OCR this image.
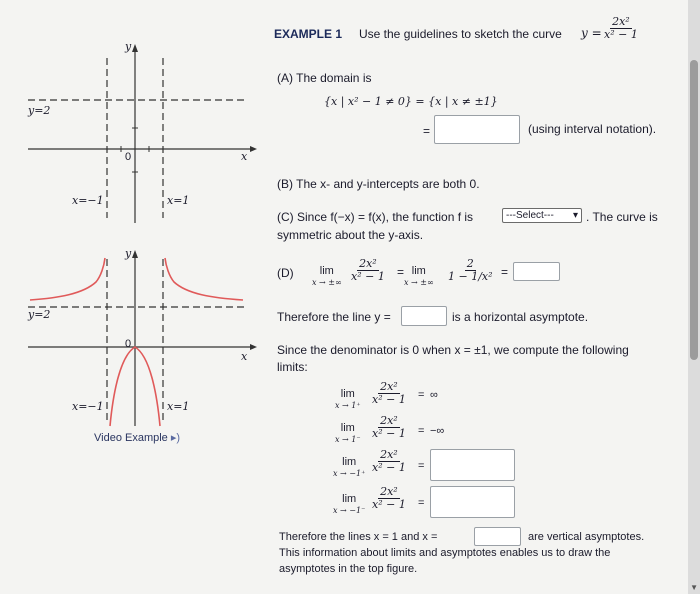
y
x
0
y=2
x=−1	x=1
y
x
0
y=2
x=−1	x=1
Video Example ▸)
EXAMPLE 1 Use the guidelines to sketch the curve $y = \frac{\text{2x²}}{\text{x² − 1}}$
(A) The domain is
{x | x² − 1 ≠ 0} = {x | x ≠ ±1}
=	(using interval notation).
(B) The x- and y-intercepts are both 0.
(C) Since f(−x) = f(x), the function f is	---Select--- ▾ . The curve is
symmetric about the y-axis.
(D) lim
x → ±∞ $\frac{\text{2x²}}{\text{x² − 1}} = \lim$
x → ±∞ $\frac{2}{\text{1 − 1/x²}}$ =
Therefore the line y =	is a horizontal asymptote.
Since the denominator is 0 when x = ±1, we compute the following
limits:
lim
$x \to 1^+ \frac{\text{2x²}}{\text{x² − 1}}$ = ∞
lim
$x \to 1^- \frac{\text{2x²}}{\text{x² − 1}}$ = −∞
lim
$x \to -1^+ \frac{\text{2x²}}{\text{x² − 1}}$ =
lim
$x \to -1^- \frac{\text{2x²}}{\text{x² − 1}}$ =
Therefore the lines x = 1 and x =	are vertical asymptotes.
This information about limits and asymptotes enables us to draw the
asymptotes in the top figure.
▼
